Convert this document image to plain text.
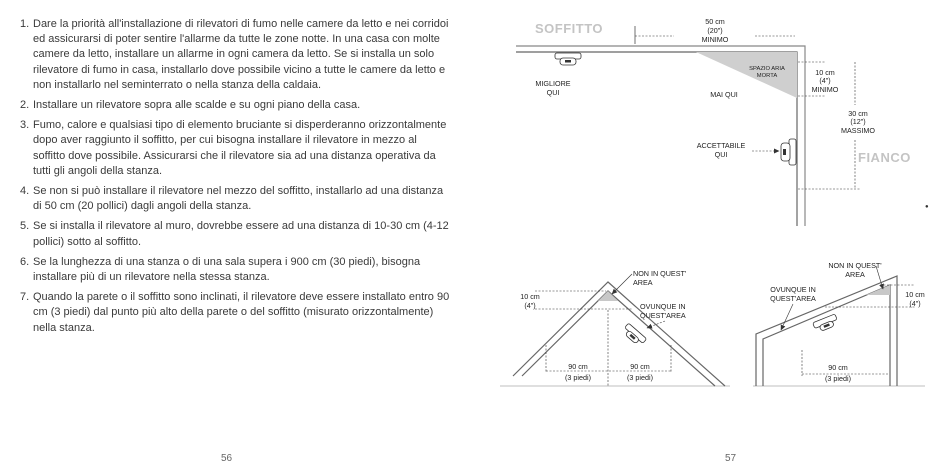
1. Dare la priorità all'installazione di rilevatori di fumo nelle camere da letto e nei corridoi ed assicurarsi di poter sentire l'allarme da tutte le zone notte. In una casa con molte camere da letto, installare un allarme in ogni camera da letto. Se si installa un solo rilevatore di fumo in casa, installarlo dove possibile vicino a tutte le camere da letto e non installarlo nel seminterrato o nella stanza della caldaia.
2. Installare un rilevatore sopra alle scalde e su ogni piano della casa.
3. Fumo, calore e qualsiasi tipo di elemento bruciante si disperderanno orizzontalmente dopo aver raggiunto il soffitto, per cui bisogna installare il rilevatore in mezzo al soffitto dove possibile. Assicurarsi che il rilevatore sia ad una distanza operativa da tutti gli angoli della stanza.
4. Se non si può installare il rilevatore nel mezzo del soffitto, installarlo ad una distanza di 50 cm (20 pollici) dagli angoli della stanza.
5. Se si installa il rilevatore al muro, dovrebbe essere ad una distanza di 10-30 cm (4-12 pollici) sotto al soffitto.
6. Se la lunghezza di una stanza o di una sala supera i 900 cm (30 piedi), bisogna installare più di un rilevatore nella stessa stanza.
7. Quando la parete o il soffitto sono inclinati, il rilevatore deve essere installato entro 90 cm (3 piedi) dal punto più alto della parete o del soffitto (misurato orizzontalmente) nella stanza.
56
SOFFITTO
FIANCO
SPAZIO ARIA
MORTA
50 cm
(20")
MINIMO
MIGLIORE
QUI	MAI QUI
10 cm
(4")
MINIMO
30 cm
(12")
MASSIMO
ACCETTABILE
QUI
●
10 cm
(4")
NON IN QUEST'
AREA
OVUNQUE IN
QUEST'AREA
90 cm
(3 piedi)
90 cm
(3 piedi)
10 cm
(4")
NON IN QUEST'
AREA
OVUNQUE IN
QUEST'AREA
90 cm
(3 piedi)
57
